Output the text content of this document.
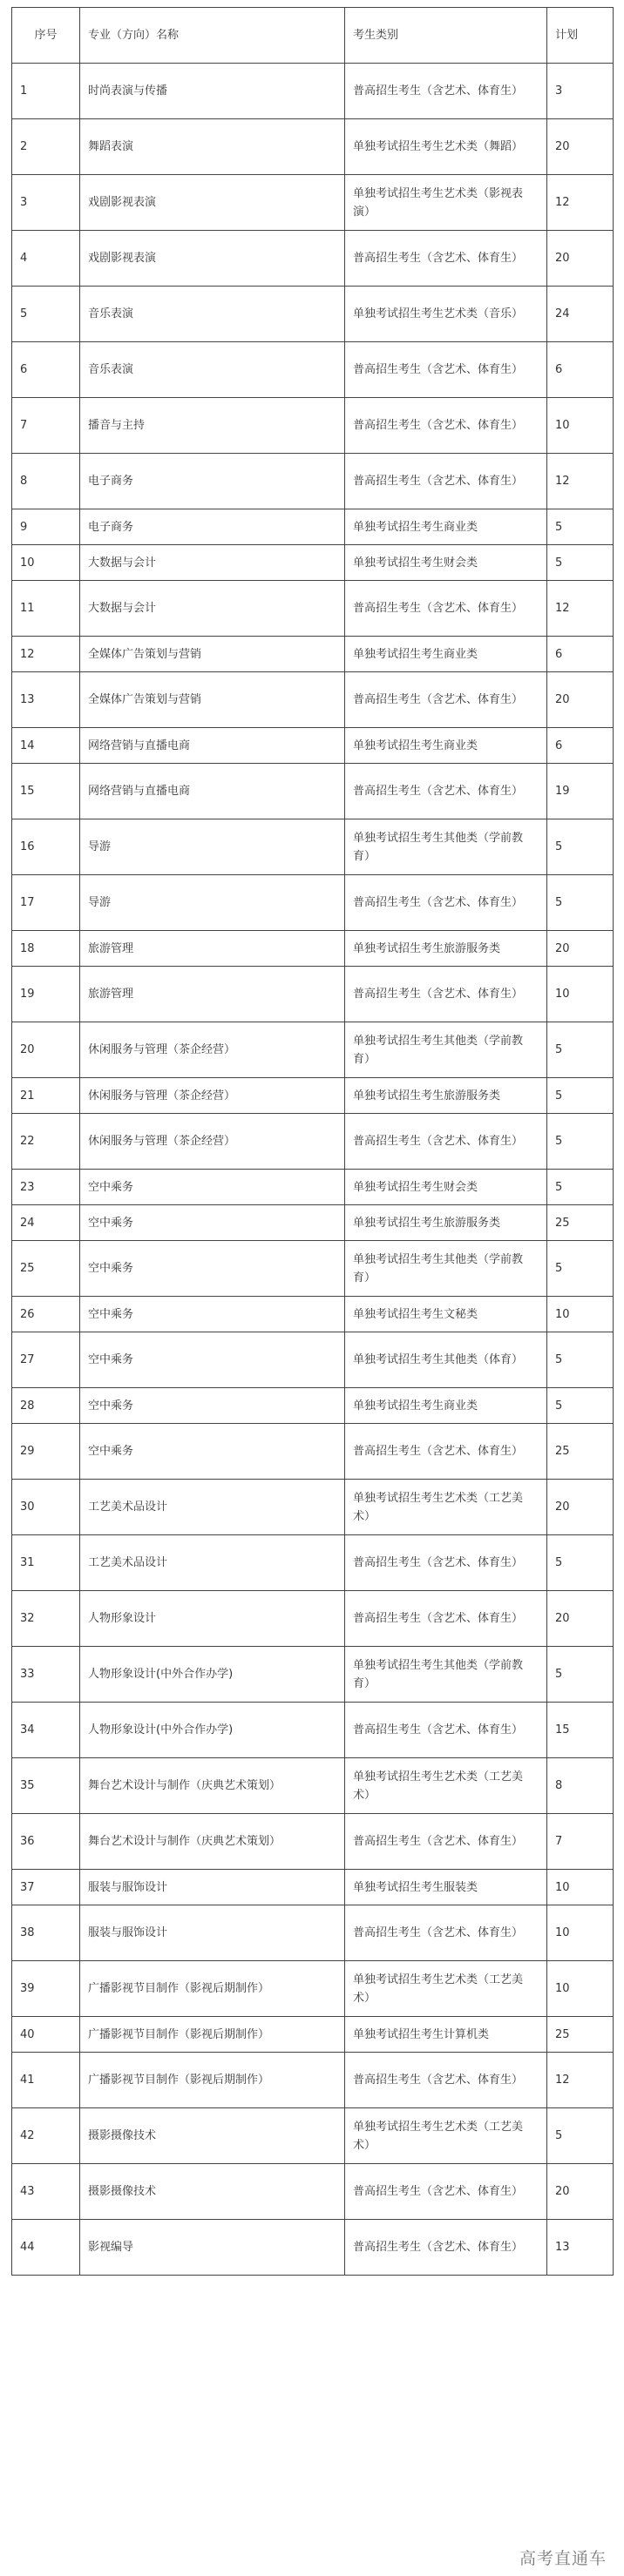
序号	专业（方向）名称	考生类别	计划
1	时尚表演与传播	普高招生考生（含艺术、体育生）	3
2	舞蹈表演	单独考试招生考生艺术类（舞蹈）	20
3	戏剧影视表演	单独考试招生考生艺术类（影视表演）	12
4	戏剧影视表演	普高招生考生（含艺术、体育生）	20
5	音乐表演	单独考试招生考生艺术类（音乐）	24
6	音乐表演	普高招生考生（含艺术、体育生）	6
7	播音与主持	普高招生考生（含艺术、体育生）	10
8	电子商务	普高招生考生（含艺术、体育生）	12
9	电子商务	单独考试招生考生商业类	5
10	大数据与会计	单独考试招生考生财会类	5
11	大数据与会计	普高招生考生（含艺术、体育生）	12
12	全媒体广告策划与营销	单独考试招生考生商业类	6
13	全媒体广告策划与营销	普高招生考生（含艺术、体育生）	20
14	网络营销与直播电商	单独考试招生考生商业类	6
15	网络营销与直播电商	普高招生考生（含艺术、体育生）	19
16	导游	单独考试招生考生其他类（学前教育）	5
17	导游	普高招生考生（含艺术、体育生）	5
18	旅游管理	单独考试招生考生旅游服务类	20
19	旅游管理	普高招生考生（含艺术、体育生）	10
20	休闲服务与管理（茶企经营）	单独考试招生考生其他类（学前教育）	5
21	休闲服务与管理（茶企经营）	单独考试招生考生旅游服务类	5
22	休闲服务与管理（茶企经营）	普高招生考生（含艺术、体育生）	5
23	空中乘务	单独考试招生考生财会类	5
24	空中乘务	单独考试招生考生旅游服务类	25
25	空中乘务	单独考试招生考生其他类（学前教育）	5
26	空中乘务	单独考试招生考生文秘类	10
27	空中乘务	单独考试招生考生其他类（体育）	5
28	空中乘务	单独考试招生考生商业类	5
29	空中乘务	普高招生考生（含艺术、体育生）	25
30	工艺美术品设计	单独考试招生考生艺术类（工艺美术）	20
31	工艺美术品设计	普高招生考生（含艺术、体育生）	5
32	人物形象设计	普高招生考生（含艺术、体育生）	20
33	人物形象设计(中外合作办学)	单独考试招生考生其他类（学前教育）	5
34	人物形象设计(中外合作办学)	普高招生考生（含艺术、体育生）	15
35	舞台艺术设计与制作（庆典艺术策划）	单独考试招生考生艺术类（工艺美术）	8
36	舞台艺术设计与制作（庆典艺术策划）	普高招生考生（含艺术、体育生）	7
37	服装与服饰设计	单独考试招生考生服装类	10
38	服装与服饰设计	普高招生考生（含艺术、体育生）	10
39	广播影视节目制作（影视后期制作）	单独考试招生考生艺术类（工艺美术）	10
40	广播影视节目制作（影视后期制作）	单独考试招生考生计算机类	25
41	广播影视节目制作（影视后期制作）	普高招生考生（含艺术、体育生）	12
42	摄影摄像技术	单独考试招生考生艺术类（工艺美术）	5
43	摄影摄像技术	普高招生考生（含艺术、体育生）	20
44	影视编导	普高招生考生（含艺术、体育生）	13
高考直通车
